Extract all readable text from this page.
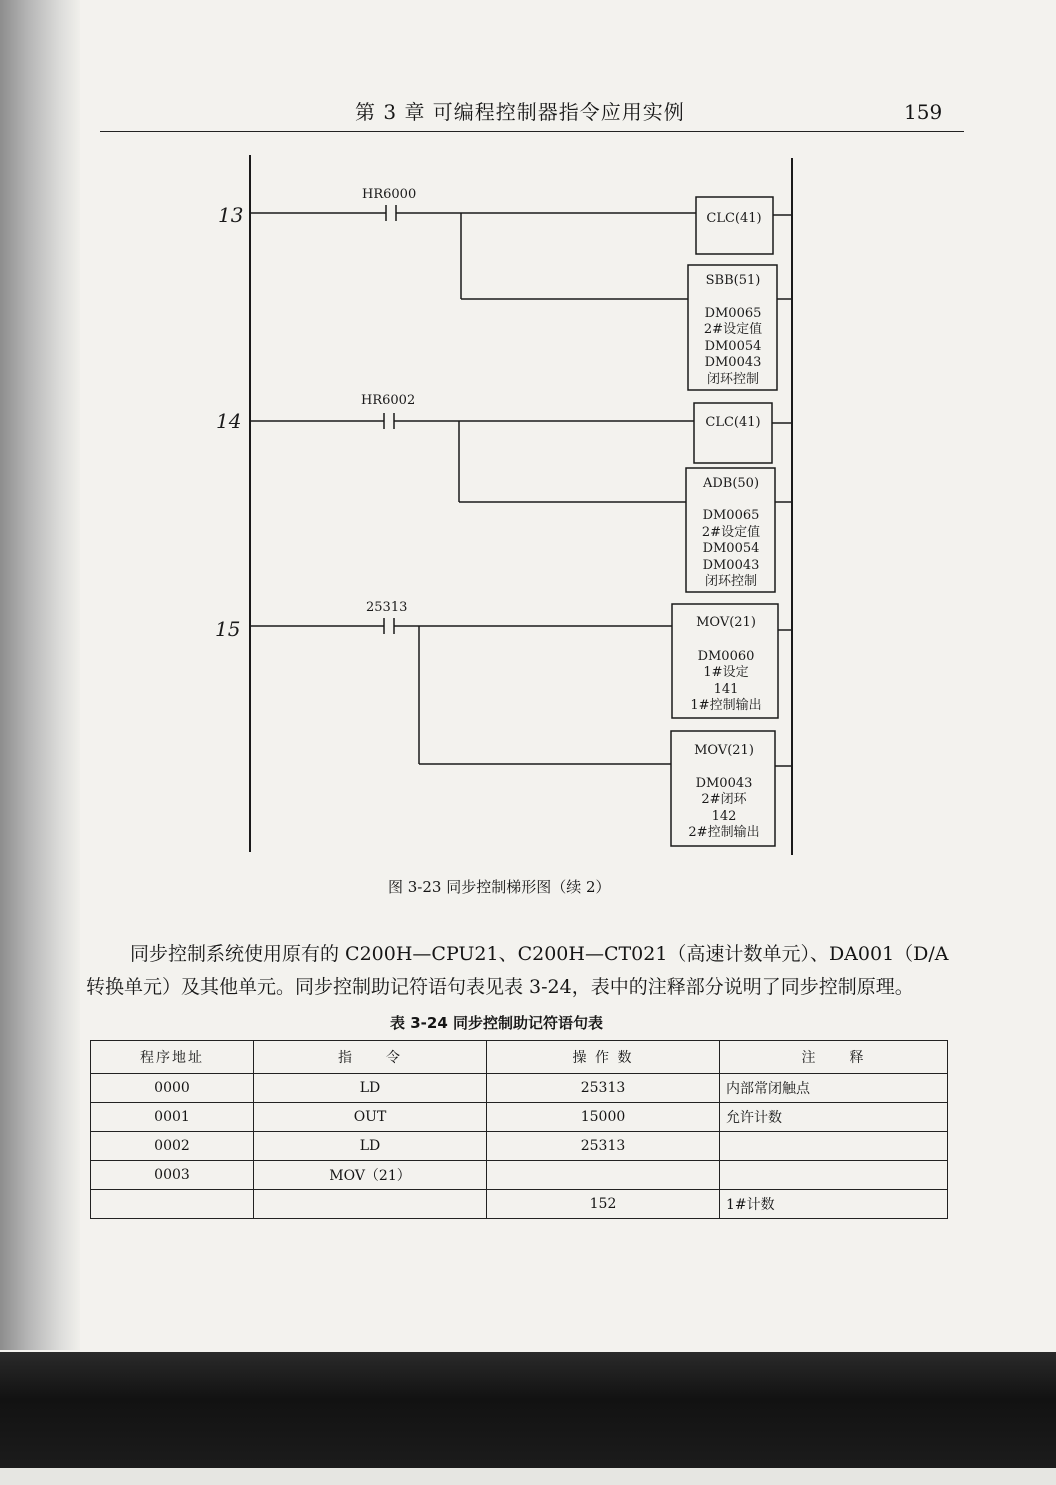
第 3 章 可编程控制器指令应用实例	159
13
HR6000
CLC(41)
SBB(51)
DM0065
2#设定值
DM0054
DM0043
闭环控制
14
HR6002
CLC(41)
ADB(50)
DM0065
2#设定值
DM0054
DM0043
闭环控制
15
25313
MOV(21)
DM0060
1#设定
141
1#控制输出
MOV(21)
DM0043
2#闭环
142
2#控制输出
图 3-23 同步控制梯形图（续 2）
同步控制系统使用原有的 C200H—CPU21、C200H—CT021（高速计数单元）、DA001（D/A 转换单元）及其他单元。同步控制助记符语句表见表 3-24，表中的注释部分说明了同步控制原理。
表 3-24 同步控制助记符语句表
程序地址	指　　令	操 作 数	注　　释
0000	LD	25313	内部常闭触点
0001	OUT	15000	允许计数
0002	LD	25313	
0003	MOV（21）		
		152	1#计数
